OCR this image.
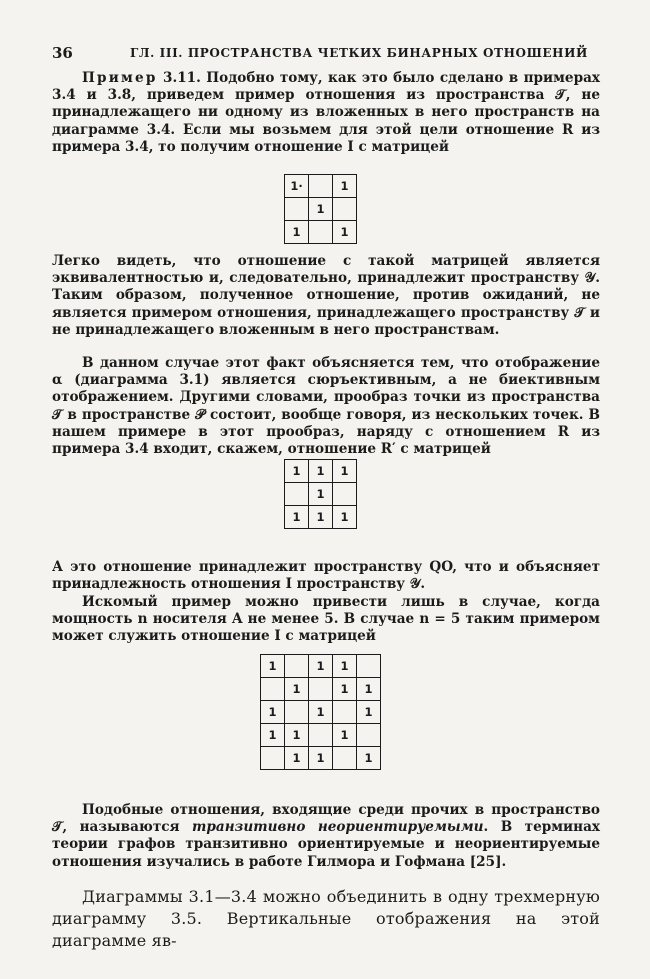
36	ГЛ. III. ПРОСТРАНСТВА ЧЕТКИХ БИНАРНЫХ ОТНОШЕНИЙ

Пример 3.11. Подобно тому, как это было сделано в примерах 3.4 и 3.8, приведем пример отношения из пространства 𝒯, не принадлежащего ни одному из вложенных в него пространств на диаграмме 3.4. Если мы возьмем для этой цели отношение R из примера 3.4, то получим отношение I с матрицей

1·		1
	1	
1		1

Легко видеть, что отношение с такой матрицей является эквивалентностью и, следовательно, принадлежит пространству 𝒴. Таким образом, полученное отношение, против ожиданий, не является примером отношения, принадлежащего пространству 𝒯 и не принадлежащего вложенным в него пространствам.

В данном случае этот факт объясняется тем, что отображение α (диаграмма 3.1) является сюръективным, а не биективным отображением. Другими словами, прообраз точки из пространства 𝒯 в пространстве 𝒫 состоит, вообще говоря, из нескольких точек. В нашем примере в этот прообраз, наряду с отношением R из примера 3.4 входит, скажем, отношение R′ с матрицей

1	1	1
	1	
1	1	1

А это отношение принадлежит пространству QO, что и объясняет принадлежность отношения I пространству 𝒴.

Искомый пример можно привести лишь в случае, когда мощность n носителя A не менее 5. В случае n = 5 таким примером может служить отношение I с матрицей

1		1	1	
	1		1	1
1		1		1
1	1		1	
	1	1		1

Подобные отношения, входящие среди прочих в пространство 𝒯, называются транзитивно неориентируемыми. В терминах теории графов транзитивно ориентируемые и неориентируемые отношения изучались в работе Гилмора и Гофмана [25].

Диаграммы 3.1—3.4 можно объединить в одну трехмерную диаграмму 3.5. Вертикальные отображения на этой диаграмме яв-
